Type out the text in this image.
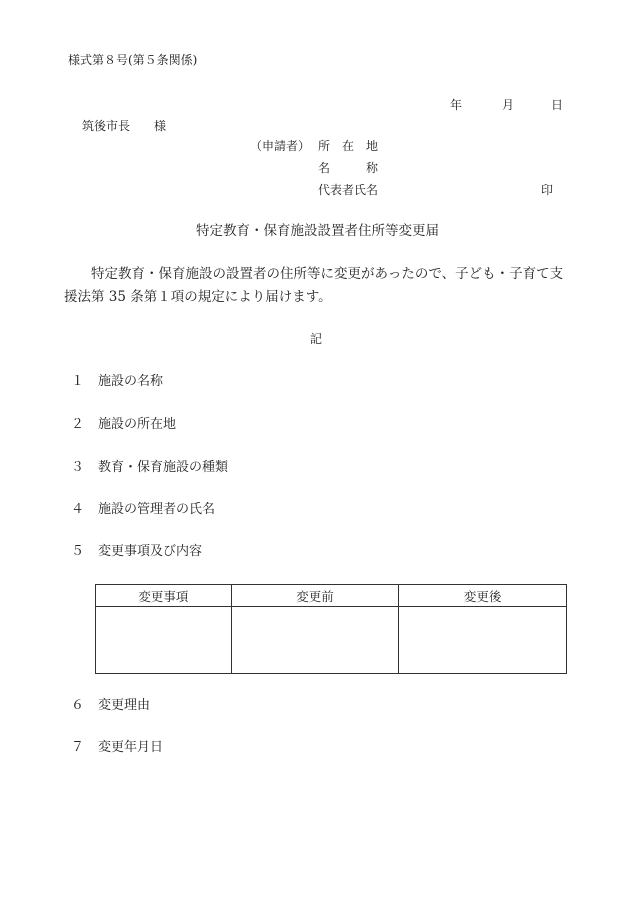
様式第８号(第５条関係)
年	月	日
筑後市長　　様
（申請者） 所　在　地
名　　　称
代表者氏名	印
特定教育・保育施設設置者住所等変更届
特定教育・保育施設の設置者の住所等に変更があったので、子ども・子育て支援法第 35 条第１項の規定により届けます。
記
１ 施設の名称
２ 施設の所在地
３ 教育・保育施設の種類
４ 施設の管理者の氏名
５ 変更事項及び内容
変更事項	変更前	変更後

６ 変更理由
７ 変更年月日
